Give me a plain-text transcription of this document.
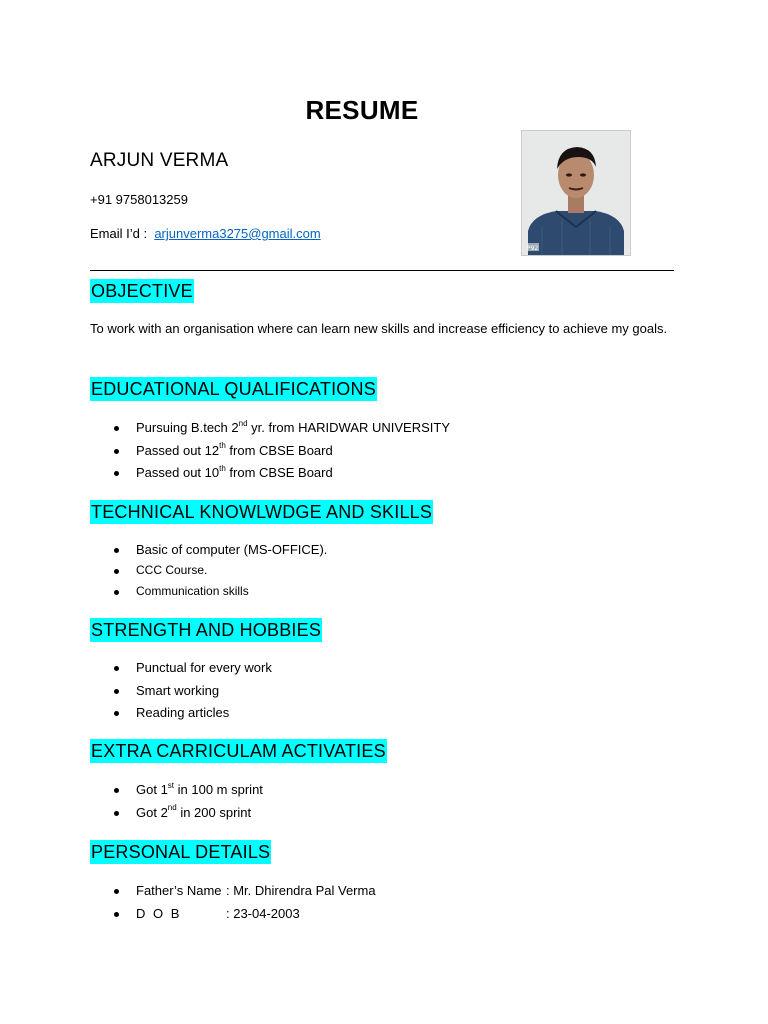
RESUME
ARJUN VERMA
+91 9758013259
Email I’d : arjunverma3275@gmail.com
P92
OBJECTIVE
To work with an organisation where can learn new skills and increase efficiency to achieve my goals.
EDUCATIONAL QUALIFICATIONS
Pursuing B.tech 2nd yr. from HARIDWAR UNIVERSITY
Passed out 12th from CBSE Board
Passed out 10th from CBSE Board
TECHNICAL KNOWLWDGE AND SKILLS
Basic of computer (MS-OFFICE).
CCC Course.
Communication skills
STRENGTH AND HOBBIES
Punctual for every work
Smart working
Reading articles
EXTRA CARRICULAM ACTIVATIES
Got 1st in 100 m sprint
Got 2nd in 200 sprint
PERSONAL DETAILS
Father’s Name : Mr. Dhirendra Pal Verma
D O B	: 23-04-2003
